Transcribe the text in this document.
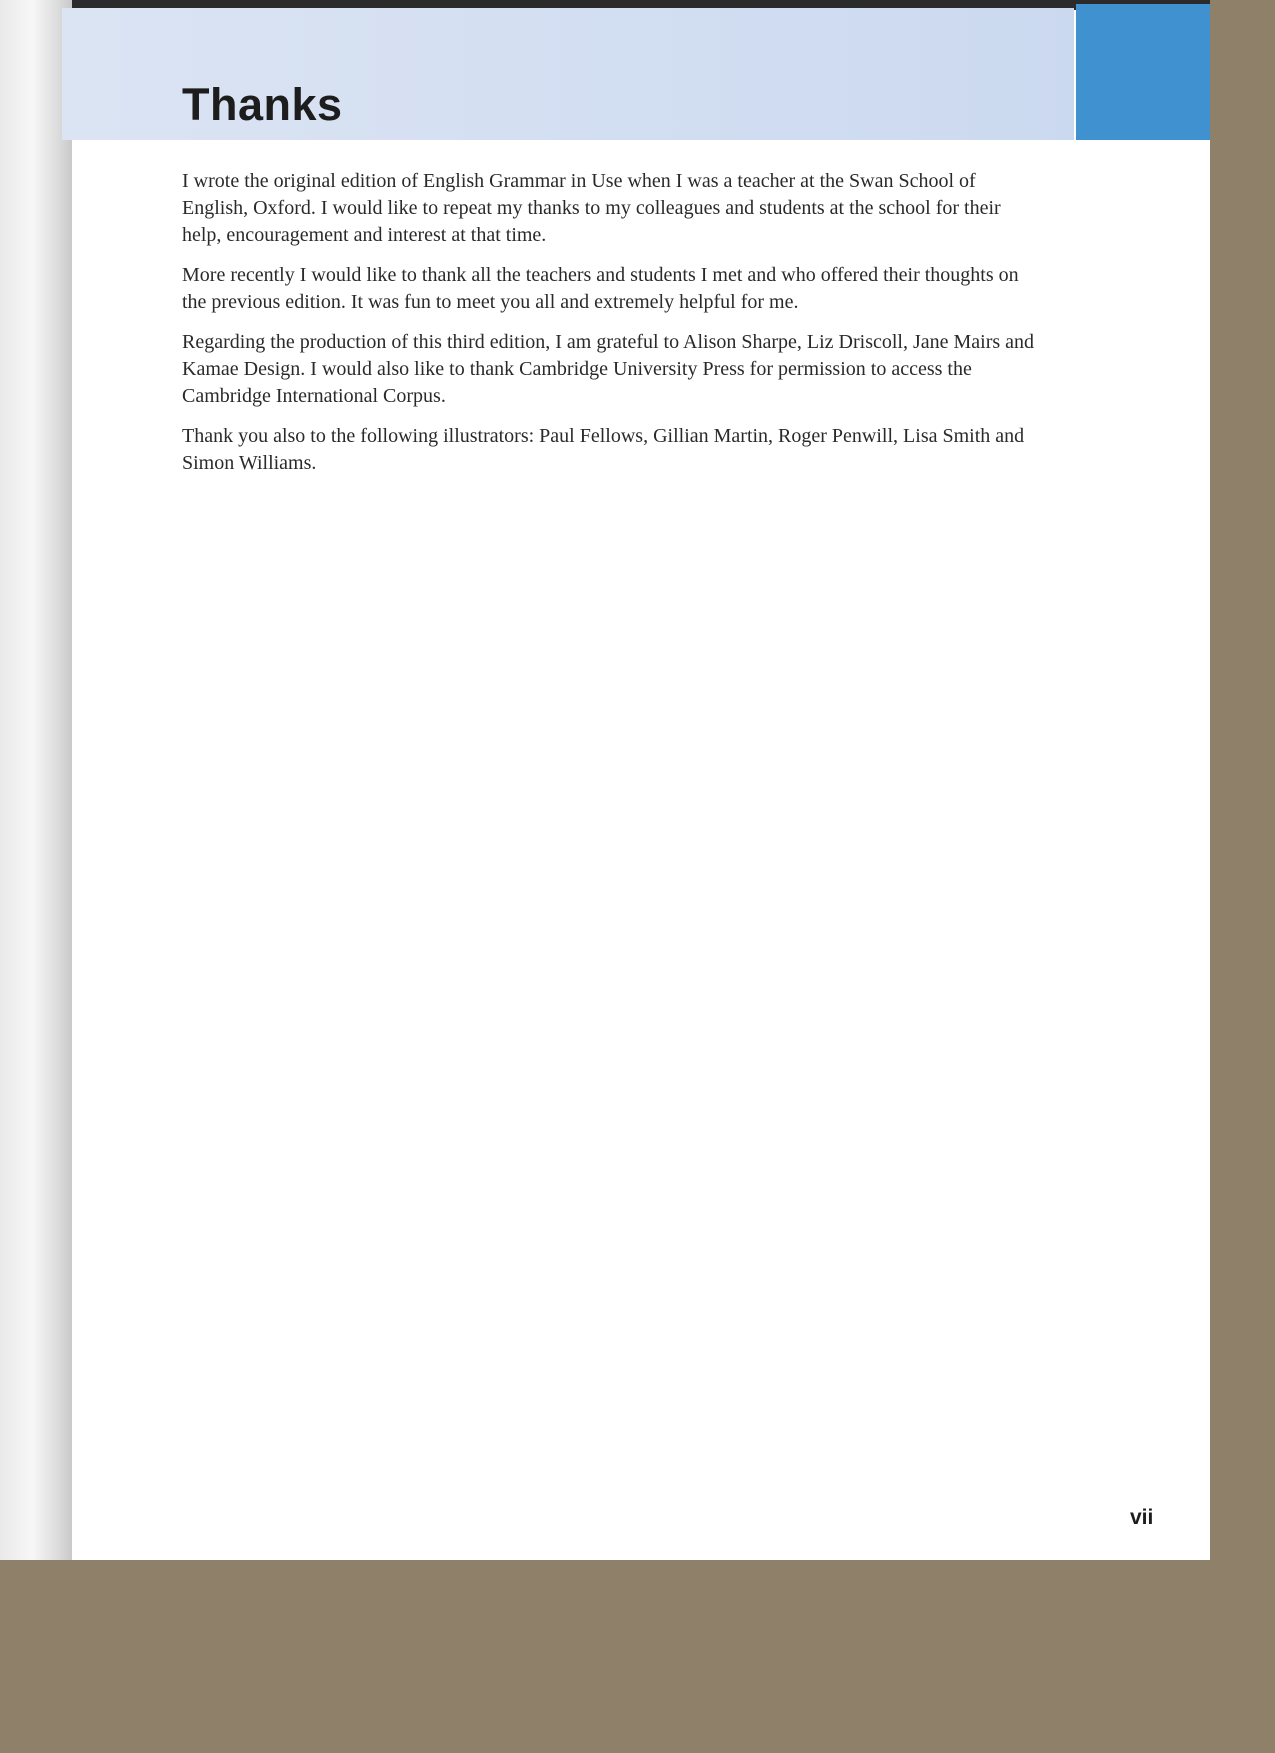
Thanks

I wrote the original edition of English Grammar in Use when I was a teacher at the Swan School of English, Oxford. I would like to repeat my thanks to my colleagues and students at the school for their help, encouragement and interest at that time.

More recently I would like to thank all the teachers and students I met and who offered their thoughts on the previous edition. It was fun to meet you all and extremely helpful for me.

Regarding the production of this third edition, I am grateful to Alison Sharpe, Liz Driscoll, Jane Mairs and Kamae Design. I would also like to thank Cambridge University Press for permission to access the Cambridge International Corpus.

Thank you also to the following illustrators: Paul Fellows, Gillian Martin, Roger Penwill, Lisa Smith and Simon Williams.

vii
